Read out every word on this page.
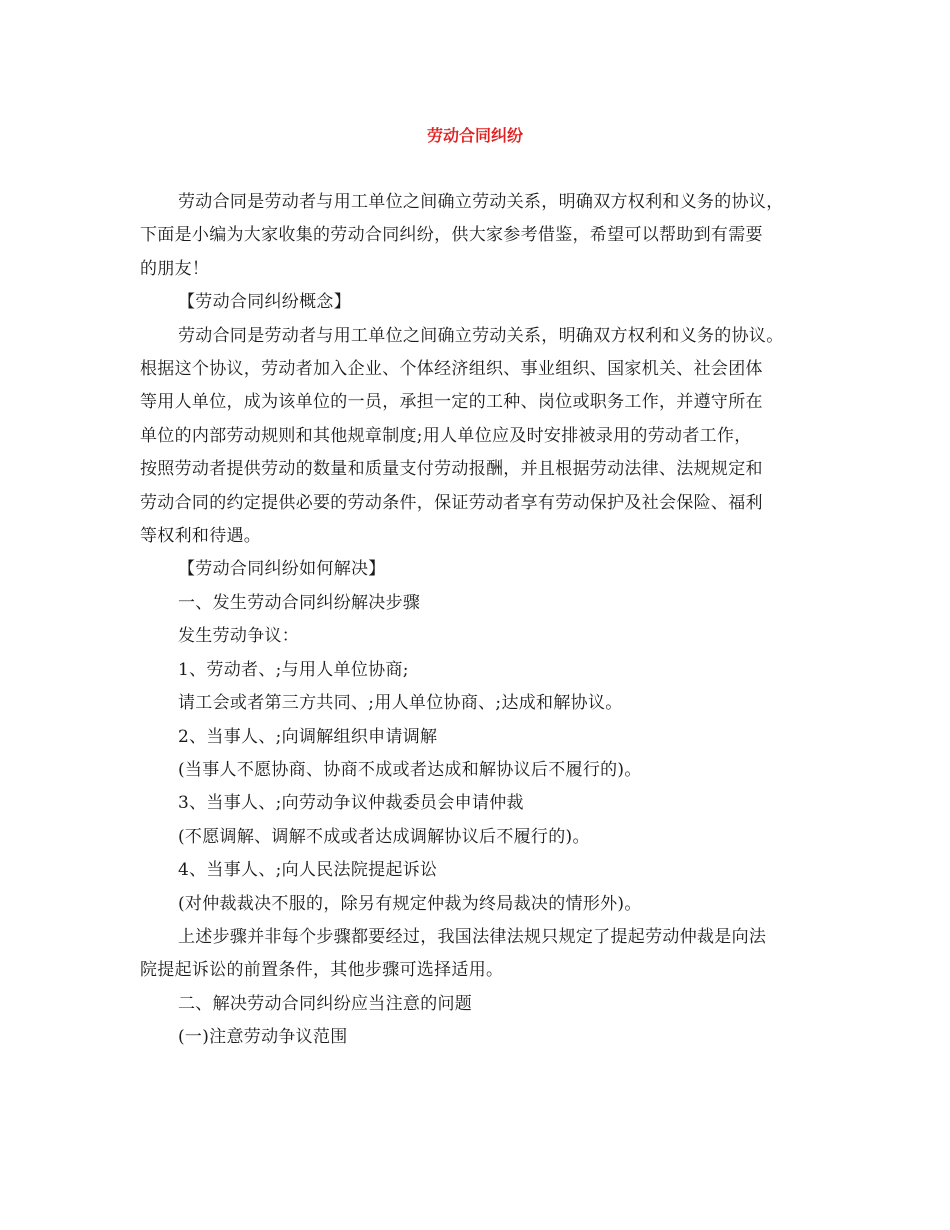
劳动合同纠纷

劳动合同是劳动者与用工单位之间确立劳动关系，明确双方权利和义务的协议，

下面是小编为大家收集的劳动合同纠纷，供大家参考借鉴，希望可以帮助到有需要

的朋友！

【劳动合同纠纷概念】

劳动合同是劳动者与用工单位之间确立劳动关系，明确双方权利和义务的协议。

根据这个协议，劳动者加入企业、个体经济组织、事业组织、国家机关、社会团体

等用人单位，成为该单位的一员，承担一定的工种、岗位或职务工作，并遵守所在

单位的内部劳动规则和其他规章制度;用人单位应及时安排被录用的劳动者工作，

按照劳动者提供劳动的数量和质量支付劳动报酬，并且根据劳动法律、法规规定和

劳动合同的约定提供必要的劳动条件，保证劳动者享有劳动保护及社会保险、福利

等权利和待遇。

【劳动合同纠纷如何解决】

一、发生劳动合同纠纷解决步骤

发生劳动争议：

1、劳动者、;与用人单位协商;

请工会或者第三方共同、;用人单位协商、;达成和解协议。

2、当事人、;向调解组织申请调解

(当事人不愿协商、协商不成或者达成和解协议后不履行的)。

3、当事人、;向劳动争议仲裁委员会申请仲裁

(不愿调解、调解不成或者达成调解协议后不履行的)。

4、当事人、;向人民法院提起诉讼

(对仲裁裁决不服的，除另有规定仲裁为终局裁决的情形外)。

上述步骤并非每个步骤都要经过，我国法律法规只规定了提起劳动仲裁是向法

院提起诉讼的前置条件，其他步骤可选择适用。

二、解决劳动合同纠纷应当注意的问题

(一)注意劳动争议范围
